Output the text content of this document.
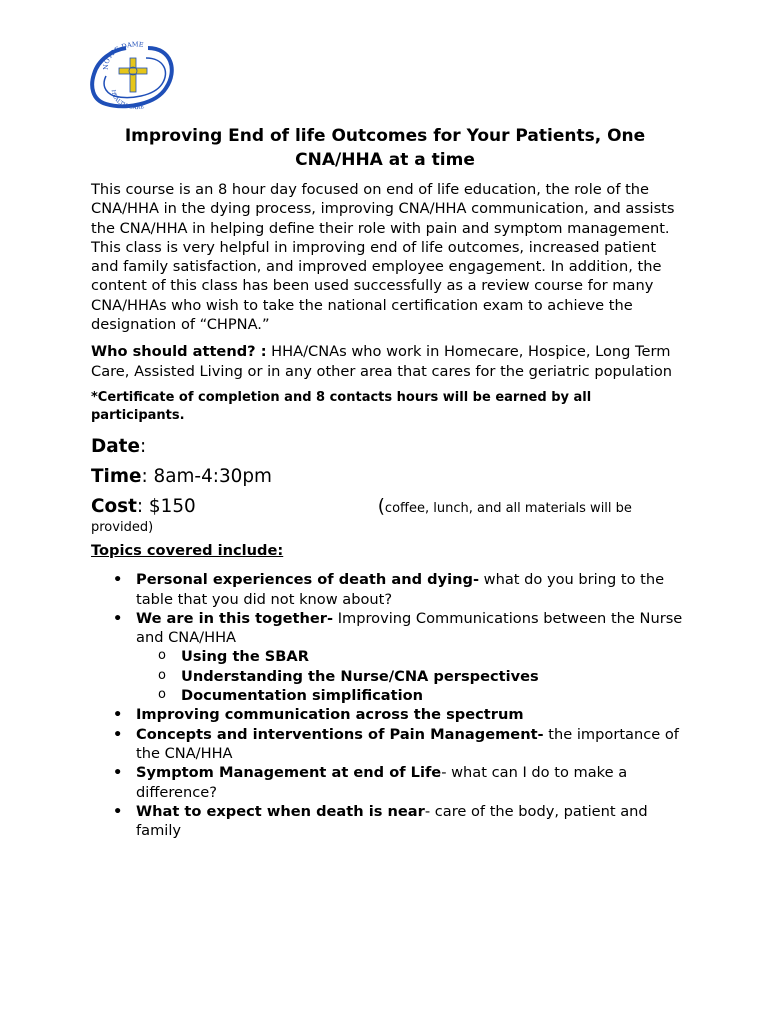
NOTRE DAME
HEALTH CARE
Improving End of life Outcomes for Your Patients, One
CNA/HHA at a time

This course is an 8 hour day focused on end of life education, the role of the CNA/HHA in the dying process, improving CNA/HHA communication, and assists the CNA/HHA in helping define their role with pain and symptom management. This class is very helpful in improving end of life outcomes, increased patient and family satisfaction, and improved employee engagement. In addition, the content of this class has been used successfully as a review course for many CNA/HHAs who wish to take the national certification exam to achieve the designation of “CHPNA.”

Who should attend? : HHA/CNAs who work in Homecare, Hospice, Long Term Care, Assisted Living or in any other area that cares for the geriatric population

*Certificate of completion and 8 contacts hours will be earned by all participants.

Date:

Time: 8am-4:30pm

Cost: $150	(coffee, lunch, and all materials will be

provided)

Topics covered include:

• Personal experiences of death and dying- what do you bring to the table that you did not know about?
• We are in this together- Improving Communications between the Nurse and CNA/HHA
o Using the SBAR
o Understanding the Nurse/CNA perspectives
o Documentation simplification
• Improving communication across the spectrum
• Concepts and interventions of Pain Management- the importance of the CNA/HHA
• Symptom Management at end of Life- what can I do to make a difference?
• What to expect when death is near- care of the body, patient and family
